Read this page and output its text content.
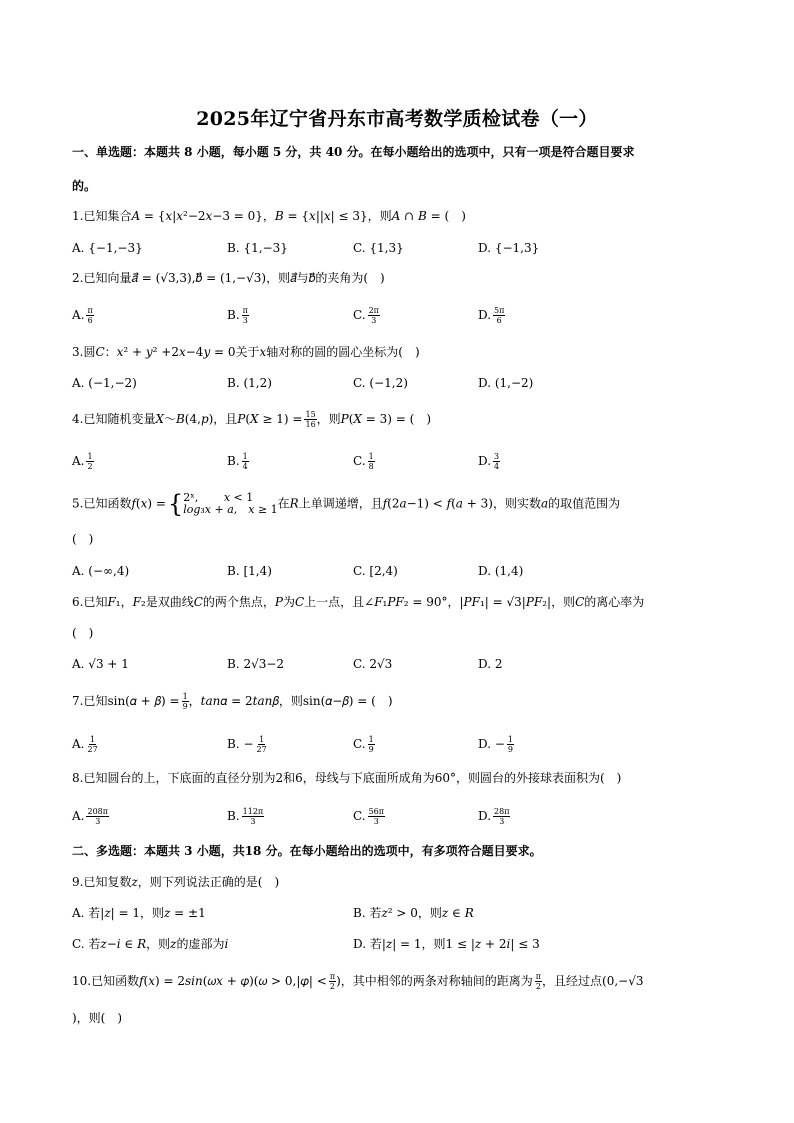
2025年辽宁省丹东市高考数学质检试卷（一）
一、单选题：本题共 8 小题，每小题 5 分，共 40 分。在每小题给出的选项中，只有一项是符合题目要求
的。
1.已知集合𝐴 = {𝑥|𝑥²−2𝑥−3 = 0}，𝐵 = {𝑥||𝑥| ≤ 3}，则𝐴 ∩ 𝐵 = (　)
A. {−1,−3}	B. {1,−3}	C. {1,3}	D. {−1,3}
2.已知向量𝑎⃗ = (√3,3),𝑏⃗ = (1,−√3)，则𝑎⃗与𝑏⃗的夹角为(　)
A. $\frac{\pi}{6}$	B. $\frac{\pi}{3}$	C. $\frac{2\pi}{3}$	D. $\frac{5\pi}{6}$
3.圆𝐶：𝑥² + 𝑦² +2𝑥−4𝑦 = 0关于𝑥轴对称的圆的圆心坐标为(　)
A. (−1,−2)	B. (1,2)	C. (−1,2)	D. (1,−2)
4.已知随机变量𝑋～𝐵(4,𝑝)，且𝑃(𝑋 ≥ $1) = \frac{15}{16}$ ，则𝑃(𝑋 = 3) = (　)
A. $\frac{1}{2}$	B. $\frac{1}{4}$	C. $\frac{1}{8}$	D. $\frac{3}{4}$
5.已知函数𝑓(𝑥) ={ 2ˣ,　　 𝑥 < 1
𝑙𝑜𝑔₃𝑥 + 𝑎,　𝑥 ≥ 1 在𝑅上单调递增，且𝑓(2𝑎−1) < 𝑓(𝑎 + 3)，则实数𝑎的取值范围为
(　)
A. (−∞,4)	B. [1,4)	C. [2,4)	D. (1,4)
6.已知𝐹₁，𝐹₂是双曲线𝐶的两个焦点，𝑃为𝐶上一点，且∠𝐹₁𝑃𝐹₂ = 90°，|𝑃𝐹₁| = √3|𝑃𝐹₂|，则𝐶的离心率为
(　)
A. √3 + 1	B. 2√3−2	C. 2√3	D. 2
7.已知sin(𝛼 + 𝛽) = $\frac{1}{9}$ ，𝑡𝑎𝑛𝛼 = 2𝑡𝑎𝑛𝛽，则sin(𝛼−𝛽) = (　)
A. $\frac{1}{27}$	B. − $\frac{1}{27}$	C. $\frac{1}{9}$	D. − $\frac{1}{9}$
8.已知圆台的上，下底面的直径分别为2和6，母线与下底面所成角为60°，则圆台的外接球表面积为(　)
A. $\frac{208\pi}{3}$	B. $\frac{112\pi}{3}$	C. $\frac{56\pi}{3}$	D. $\frac{28\pi}{3}$
二、多选题：本题共 3 小题，共18 分。在每小题给出的选项中，有多项符合题目要求。
9.已知复数𝑧，则下列说法正确的是(　)
A. 若|𝑧| = 1，则𝑧 = ±1	B. 若𝑧² > 0，则𝑧 ∈ 𝑅
C. 若𝑧−𝑖 ∈ 𝑅，则𝑧的虚部为𝑖	D. 若|𝑧| = 1，则1 ≤ |𝑧 + 2𝑖| ≤ 3
10.已知函数𝑓(𝑥) = 2𝑠𝑖𝑛(𝜔𝑥 + 𝜑)(𝜔 > 0,|𝜑| < $\frac{\pi}{2}$ )，其中相邻的两条对称轴间的距离为 $\frac{\pi}{2}$ ，且经过点(0,−√3
)，则(　)
